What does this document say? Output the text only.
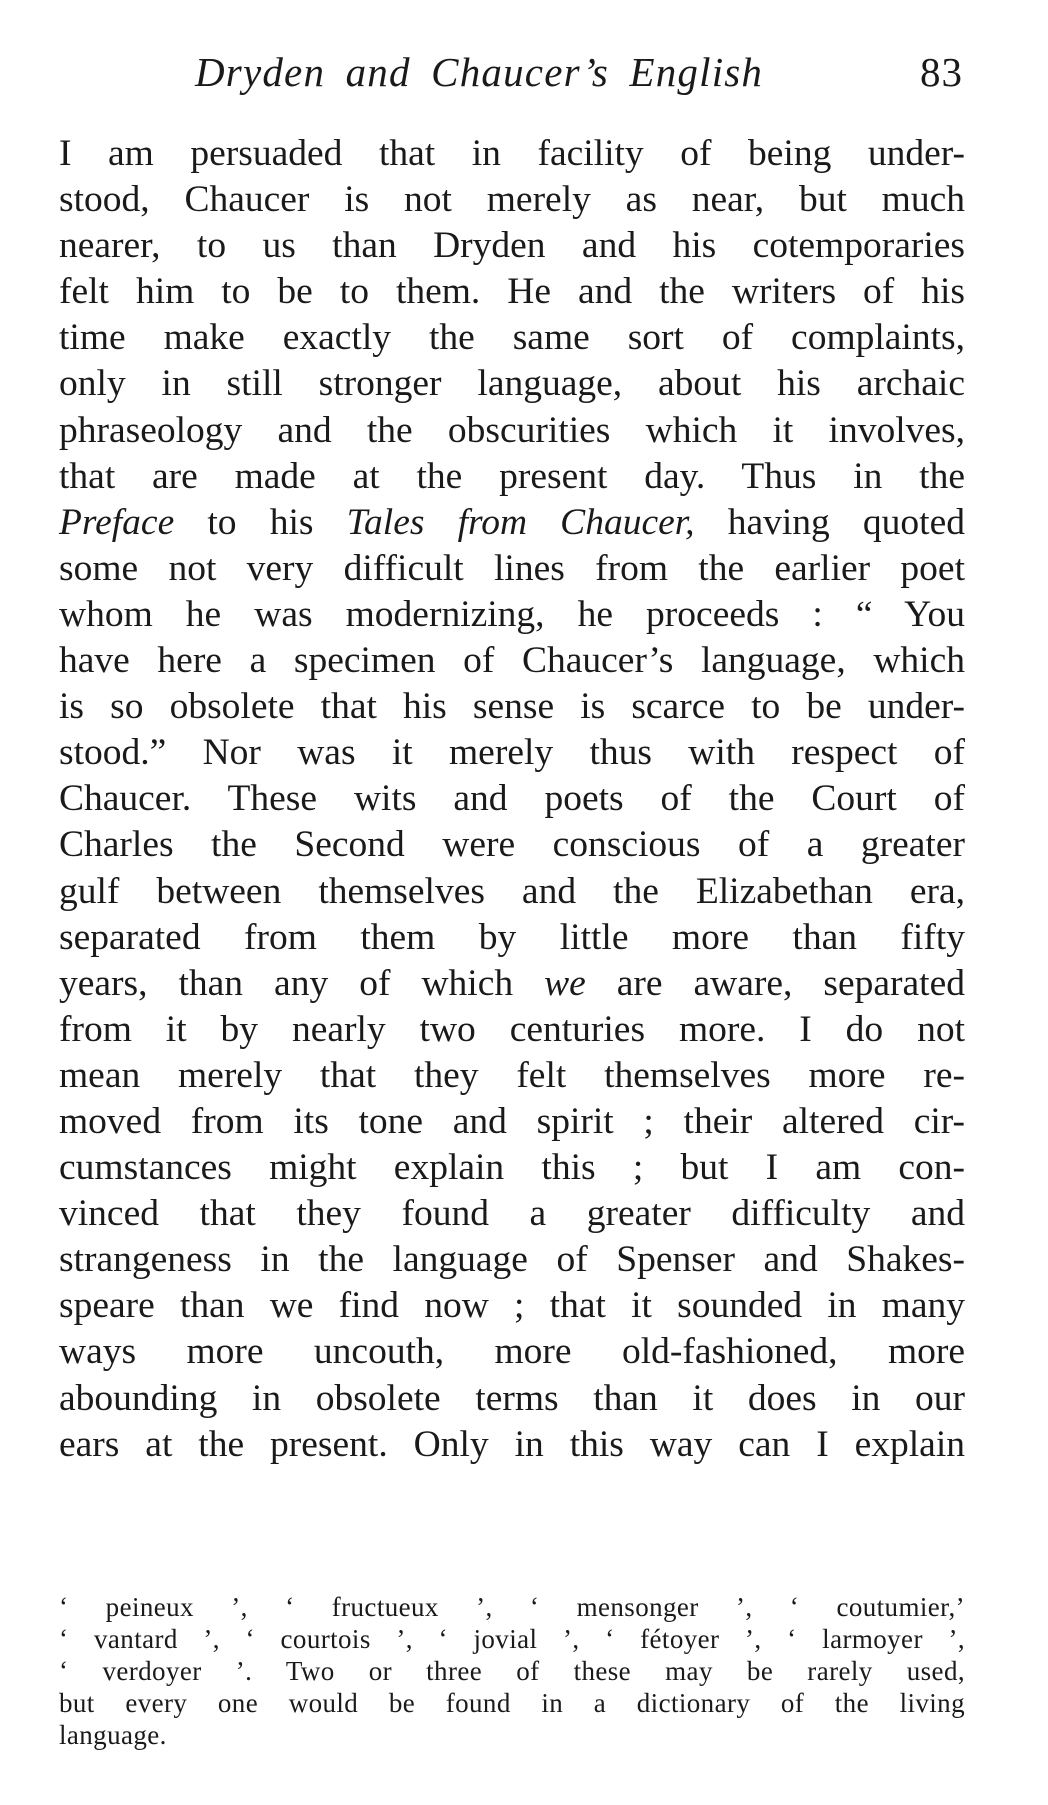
Dryden and Chaucer’s English	83
I am persuaded that in facility of being under-
stood, Chaucer is not merely as near, but much
nearer, to us than Dryden and his cotemporaries
felt him to be to them. He and the writers of his
time make exactly the same sort of complaints,
only in still stronger language, about his archaic
phraseology and the obscurities which it involves,
that are made at the present day. Thus in the
Preface to his Tales from Chaucer, having quoted
some not very difficult lines from the earlier poet
whom he was modernizing, he proceeds : “ You
have here a specimen of Chaucer’s language, which
is so obsolete that his sense is scarce to be under-
stood.” Nor was it merely thus with respect of
Chaucer. These wits and poets of the Court of
Charles the Second were conscious of a greater
gulf between themselves and the Elizabethan era,
separated from them by little more than fifty
years, than any of which we are aware, separated
from it by nearly two centuries more. I do not
mean merely that they felt themselves more re-
moved from its tone and spirit ; their altered cir-
cumstances might explain this ; but I am con-
vinced that they found a greater difficulty and
strangeness in the language of Spenser and Shakes-
speare than we find now ; that it sounded in many
ways more uncouth, more old-fashioned, more
abounding in obsolete terms than it does in our
ears at the present. Only in this way can I explain
‘ peineux ’, ‘ fructueux ’, ‘ mensonger ’, ‘ coutumier,’
‘ vantard ’, ‘ courtois ’, ‘ jovial ’, ‘ fétoyer ’, ‘ larmoyer ’,
‘ verdoyer ’. Two or three of these may be rarely used,
but every one would be found in a dictionary of the living
language.
